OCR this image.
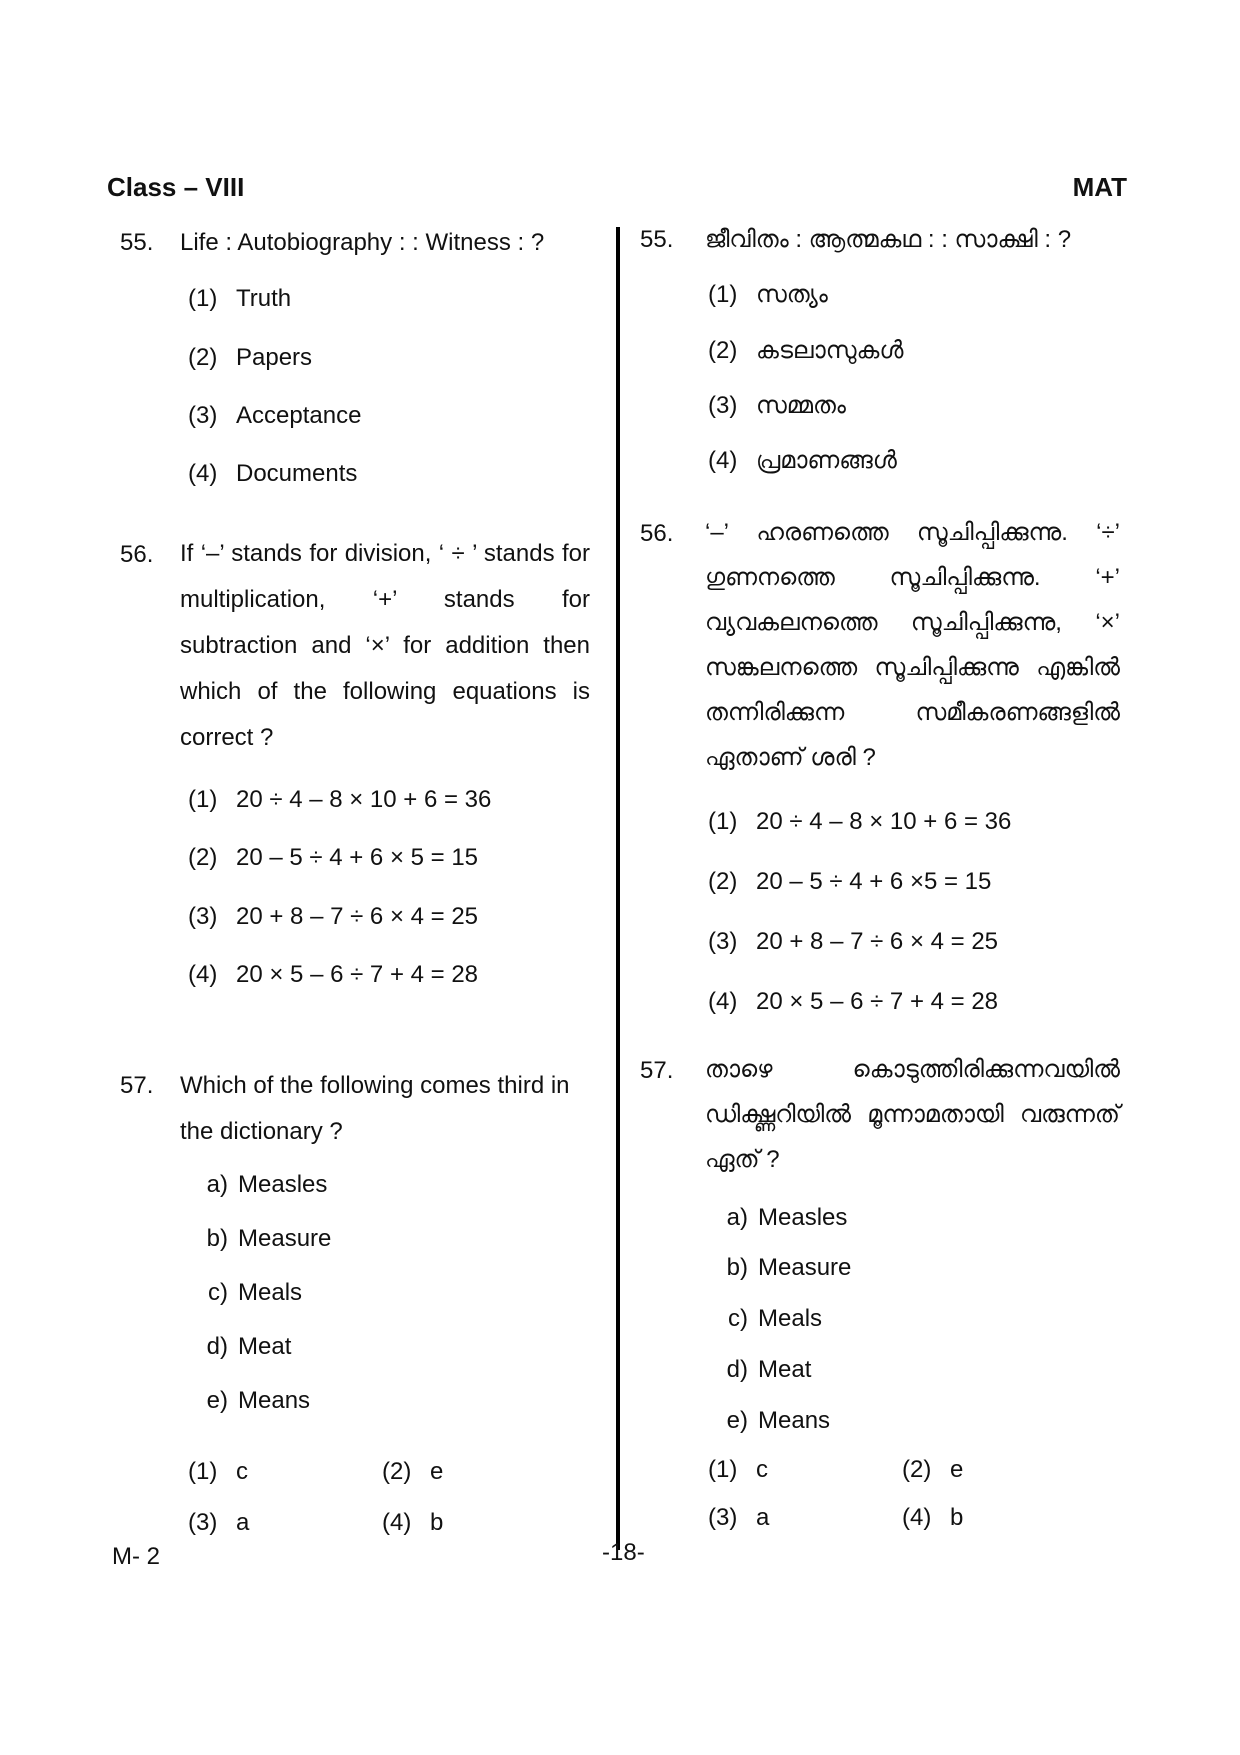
Class – VIII	MAT
55. Life : Autobiography : : Witness : ?
(1) Truth
(2) Papers
(3) Acceptance
(4) Documents
56. If ‘–’ stands for division, ‘ ÷ ’ stands for multiplication, ‘+’ stands for subtraction and ‘×’ for addition then which of the following equations is correct ?
(1) 20 ÷ 4 – 8 × 10 + 6 = 36
(2) 20 – 5 ÷ 4 + 6 × 5 = 15
(3) 20 + 8 – 7 ÷ 6 × 4 = 25
(4) 20 × 5 – 6 ÷ 7 + 4 = 28
57. Which of the following comes third in the dictionary ?
a) Measles
b) Measure
c) Meals
d) Meat
e) Means
(1) c	(2) e
(3) a	(4) b
55. ജീവിതം : ആത്മകഥ : : സാക്ഷി : ?
(1) സത്യം
(2) കടലാസുകൾ
(3) സമ്മതം
(4) പ്രമാണങ്ങൾ
56. ‘–’ ഹരണത്തെ സൂചിപ്പിക്കുന്നു. ‘÷’ ഗുണനത്തെ സൂചിപ്പിക്കുന്നു. ‘+’ വ്യവകലനത്തെ സൂചിപ്പിക്കുന്നു, ‘×’ സങ്കലനത്തെ സൂചിപ്പിക്കുന്നു എങ്കിൽ തന്നിരിക്കുന്ന സമീകരണങ്ങളിൽ ഏതാണ് ശരി ?
(1) 20 ÷ 4 – 8 × 10 + 6 = 36
(2) 20 – 5 ÷ 4 + 6 ×5 = 15
(3) 20 + 8 – 7 ÷ 6 × 4 = 25
(4) 20 × 5 – 6 ÷ 7 + 4 = 28
57. താഴെ കൊടുത്തിരിക്കുന്നവയിൽ ഡിക്ഷ്ണറിയിൽ മൂന്നാമതായി വരുന്നത് ഏത് ?
a) Measles
b) Measure
c) Meals
d) Meat
e) Means
(1) c	(2) e
(3) a	(4) b
M- 2	-18-
